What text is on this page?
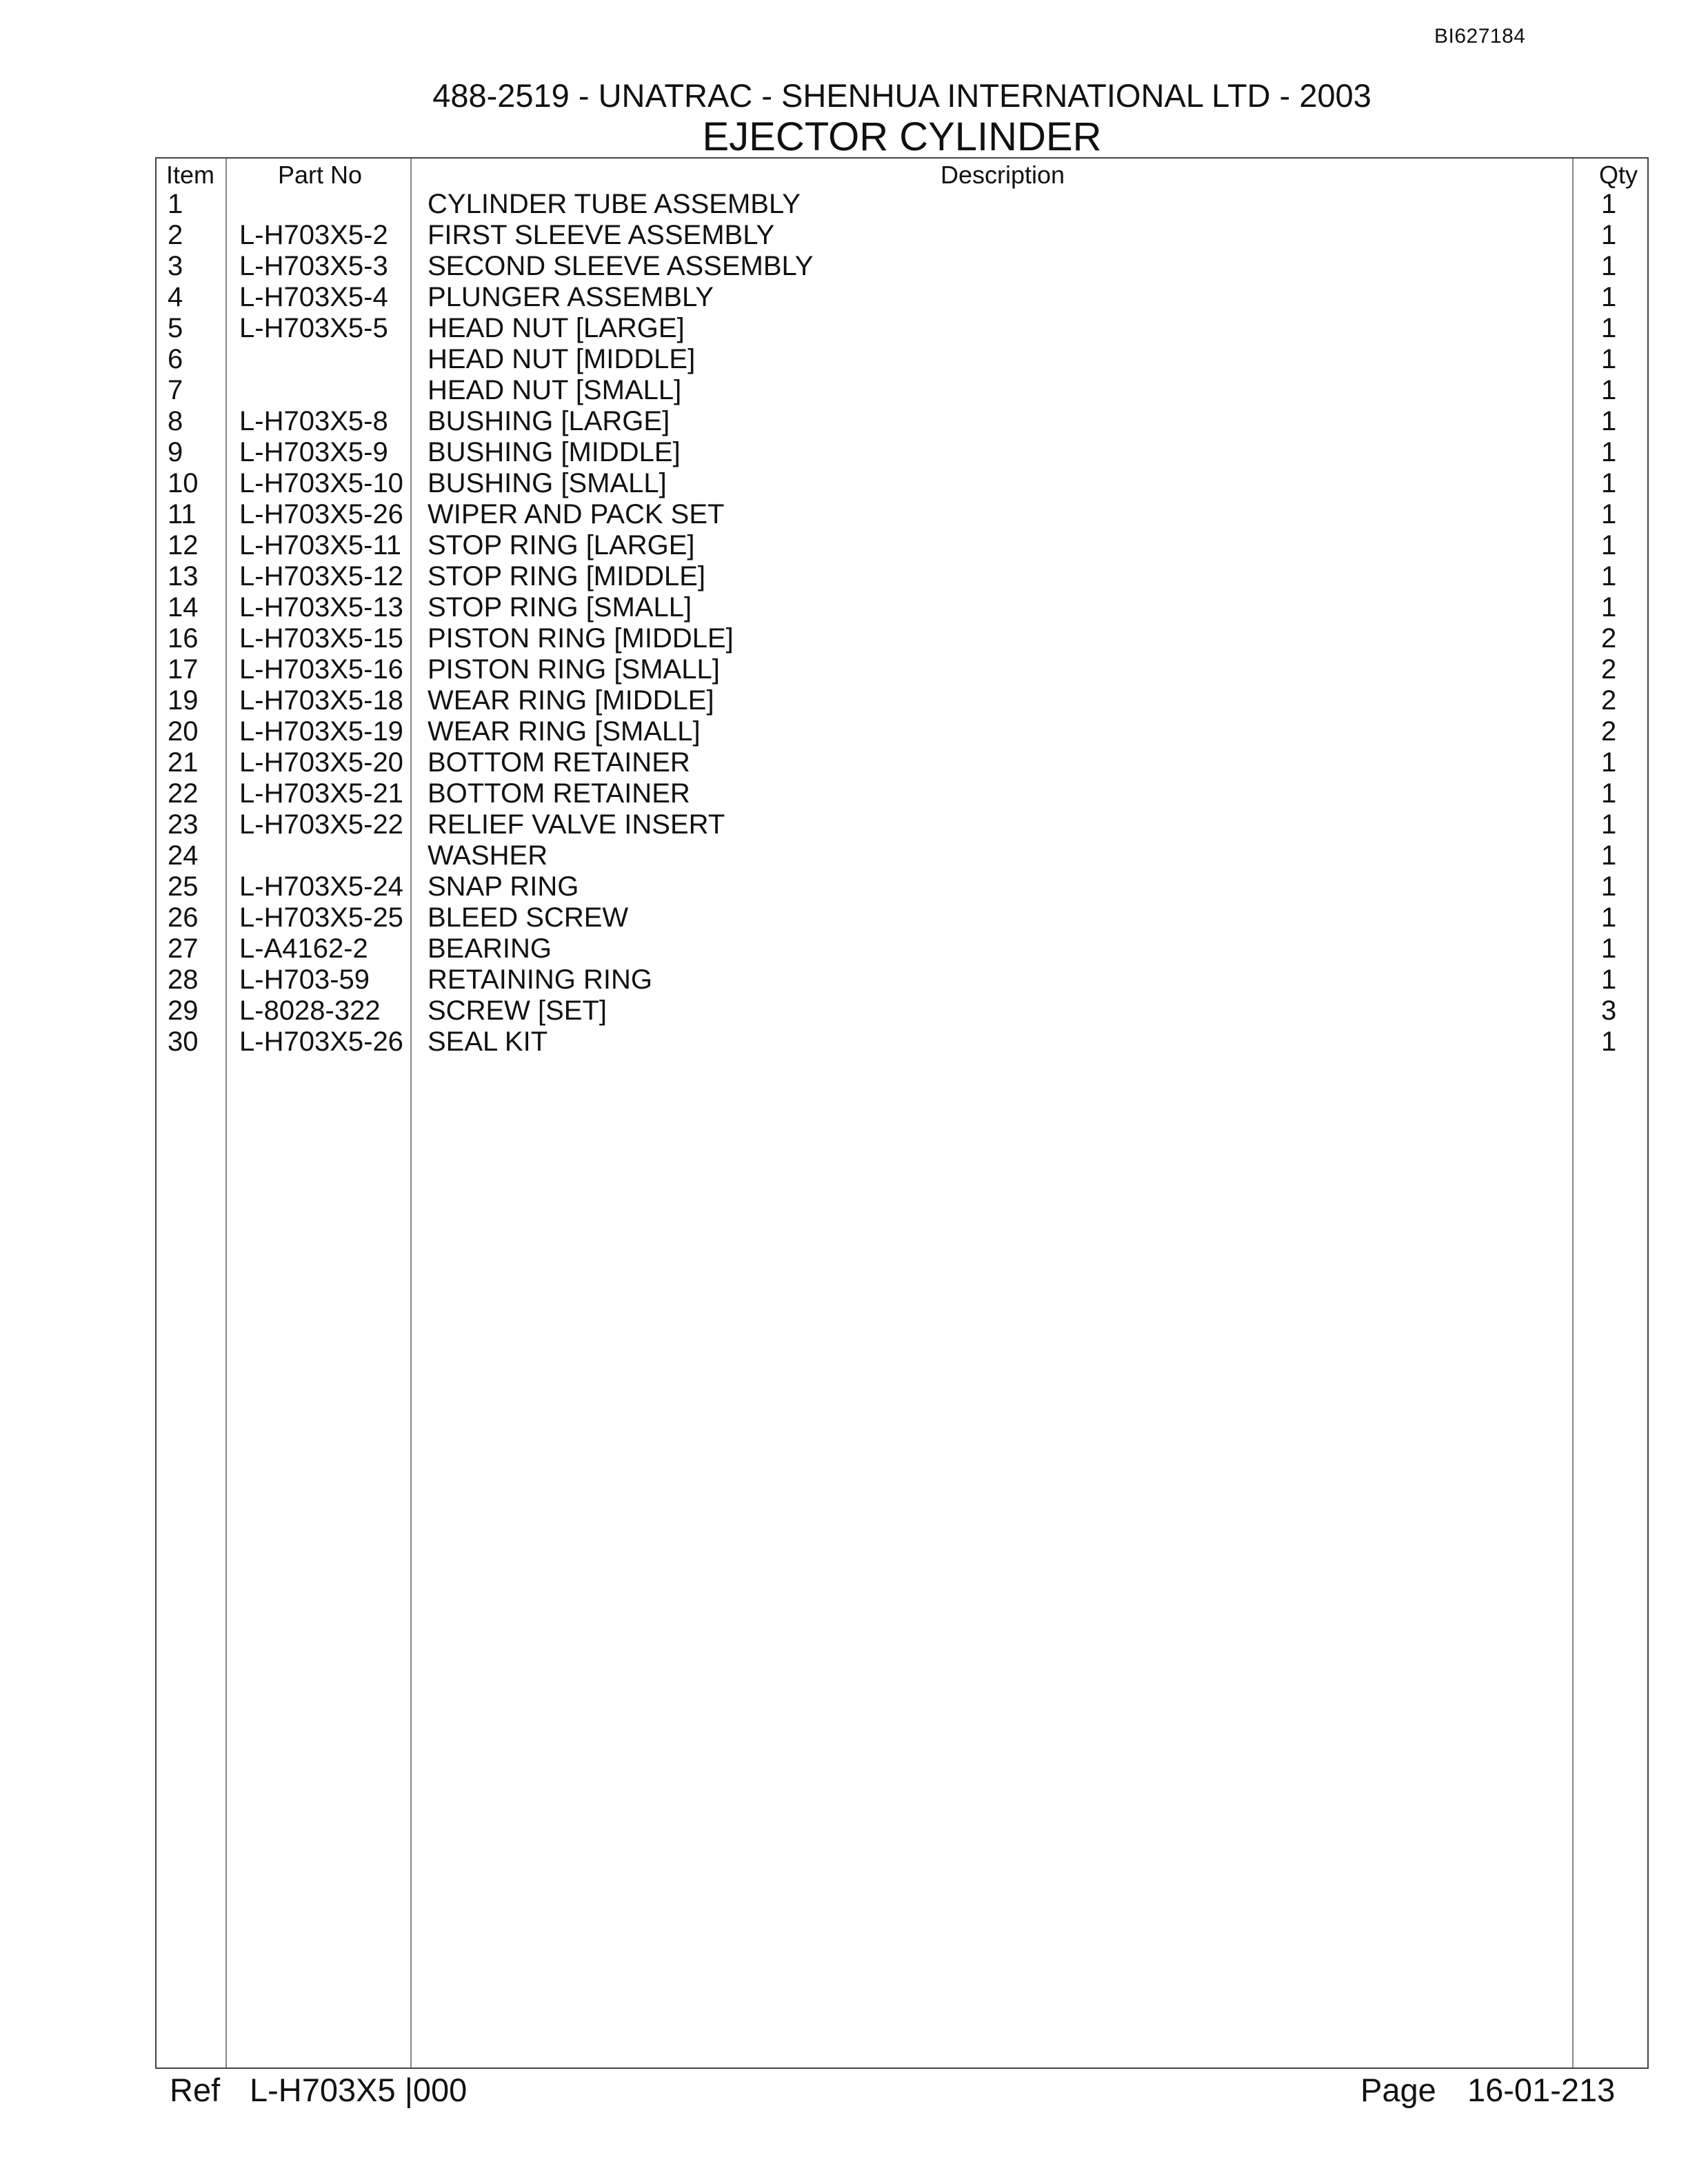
BI627184
488-2519 - UNATRAC - SHENHUA INTERNATIONAL LTD - 2003
EJECTOR CYLINDER
Item	Part No	Description	Qty
1	CYLINDER TUBE ASSEMBLY	1
2 L-H703X5-2 FIRST SLEEVE ASSEMBLY	1
3 L-H703X5-3 SECOND SLEEVE ASSEMBLY	1
4 L-H703X5-4 PLUNGER ASSEMBLY	1
5 L-H703X5-5 HEAD NUT [LARGE]	1
6	HEAD NUT [MIDDLE]	1
7	HEAD NUT [SMALL]	1
8 L-H703X5-8 BUSHING [LARGE]	1
9 L-H703X5-9 BUSHING [MIDDLE]	1
10 L-H703X5-10 BUSHING [SMALL]	1
11 L-H703X5-26 WIPER AND PACK SET	1
12 L-H703X5-11 STOP RING [LARGE]	1
13 L-H703X5-12 STOP RING [MIDDLE]	1
14 L-H703X5-13 STOP RING [SMALL]	1
16 L-H703X5-15 PISTON RING [MIDDLE]	2
17 L-H703X5-16 PISTON RING [SMALL]	2
19 L-H703X5-18 WEAR RING [MIDDLE]	2
20 L-H703X5-19 WEAR RING [SMALL]	2
21 L-H703X5-20 BOTTOM RETAINER	1
22 L-H703X5-21 BOTTOM RETAINER	1
23 L-H703X5-22 RELIEF VALVE INSERT	1
24	WASHER	1
25 L-H703X5-24 SNAP RING	1
26 L-H703X5-25 BLEED SCREW	1
27 L-A4162-2 BEARING	1
28 L-H703-59 RETAINING RING	1
29 L-8028-322 SCREW [SET]	3
30 L-H703X5-26 SEAL KIT	1
Ref L-H703X5 |000	Page 16-01-213
